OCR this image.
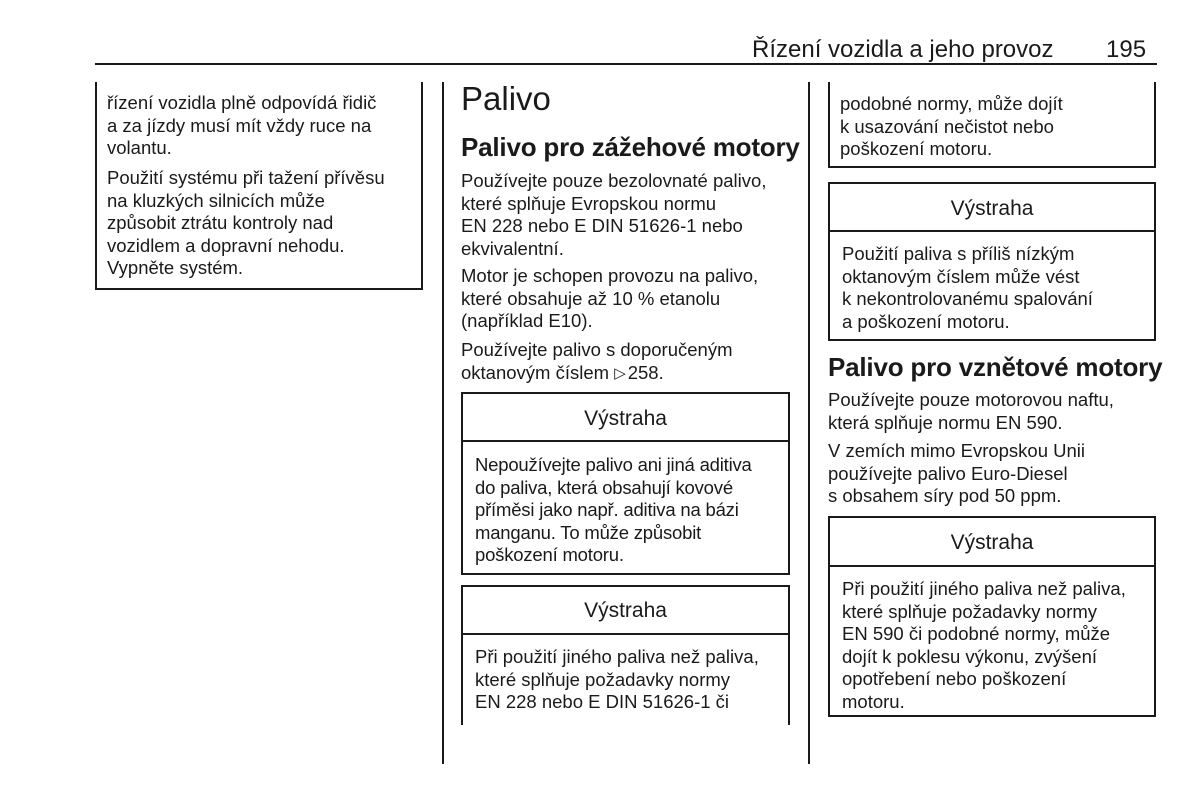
Řízení vozidla a jeho provoz 195
řízení vozidla plně odpovídá řidič
a za jízdy musí mít vždy ruce na
volantu.
Použití systému při tažení přívěsu
na kluzkých silnicích může
způsobit ztrátu kontroly nad
vozidlem a dopravní nehodu.
Vypněte systém.
Palivo
Palivo pro zážehové motory
Používejte pouze bezolovnaté palivo,
které splňuje Evropskou normu
EN 228 nebo E DIN 51626-1 nebo
ekvivalentní.
Motor je schopen provozu na palivo,
které obsahuje až 10 % etanolu
(například E10).
Používejte palivo s doporučeným
oktanovým číslem ▷ 258.
Výstraha
Nepoužívejte palivo ani jiná aditiva
do paliva, která obsahují kovové
příměsi jako např. aditiva na bázi
manganu. To může způsobit
poškození motoru.
Výstraha
Při použití jiného paliva než paliva,
které splňuje požadavky normy
EN 228 nebo E DIN 51626-1 či
podobné normy, může dojít
k usazování nečistot nebo
poškození motoru.
Výstraha
Použití paliva s příliš nízkým
oktanovým číslem může vést
k nekontrolovanému spalování
a poškození motoru.
Palivo pro vznětové motory
Používejte pouze motorovou naftu,
která splňuje normu EN 590.
V zemích mimo Evropskou Unii
používejte palivo Euro-Diesel
s obsahem síry pod 50 ppm.
Výstraha
Při použití jiného paliva než paliva,
které splňuje požadavky normy
EN 590 či podobné normy, může
dojít k poklesu výkonu, zvýšení
opotřebení nebo poškození
motoru.
